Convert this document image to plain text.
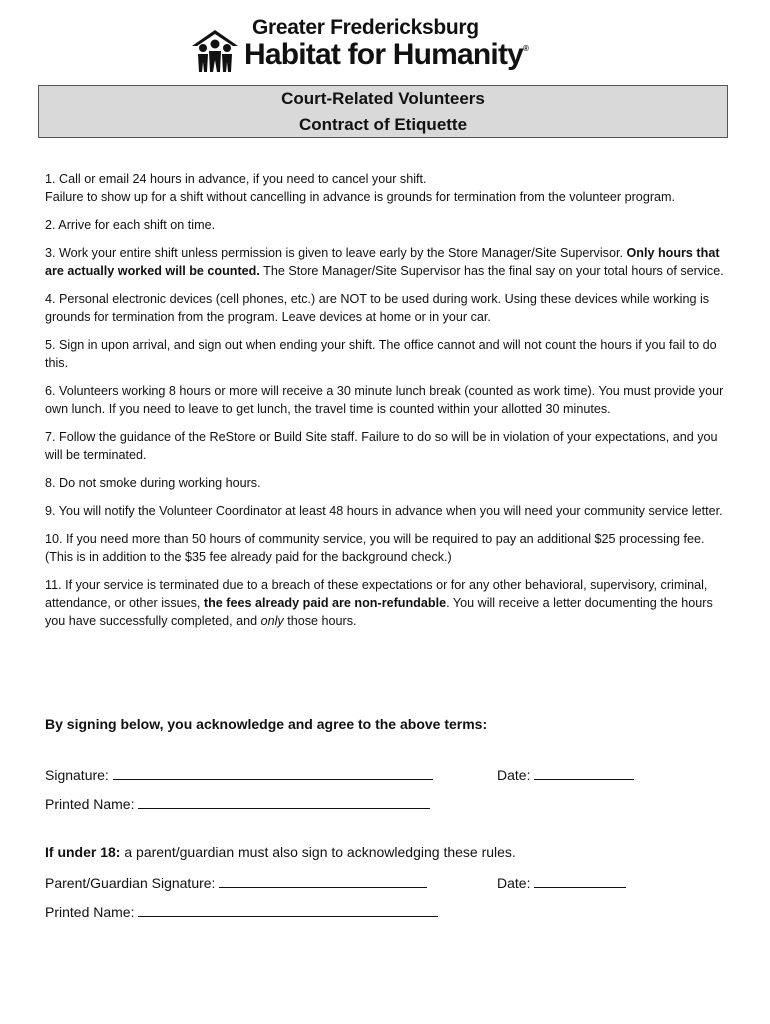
Greater Fredericksburg
Habitat for Humanity®
Court-Related Volunteers
Contract of Etiquette

1. Call or email 24 hours in advance, if you need to cancel your shift.

Failure to show up for a shift without cancelling in advance is grounds for termination from the volunteer program.

2. Arrive for each shift on time.
3. Work your entire shift unless permission is given to leave early by the Store Manager/Site Supervisor. Only hours that are actually worked will be counted. The Store Manager/Site Supervisor has the final say on your total hours of service.
4. Personal electronic devices (cell phones, etc.) are NOT to be used during work. Using these devices while working is grounds for termination from the program. Leave devices at home or in your car.
5. Sign in upon arrival, and sign out when ending your shift. The office cannot and will not count the hours if you fail to do this.
6. Volunteers working 8 hours or more will receive a 30 minute lunch break (counted as work time). You must provide your own lunch. If you need to leave to get lunch, the travel time is counted within your allotted 30 minutes.
7. Follow the guidance of the ReStore or Build Site staff. Failure to do so will be in violation of your expectations, and you will be terminated.
8. Do not smoke during working hours.
9. You will notify the Volunteer Coordinator at least 48 hours in advance when you will need your community service letter.
10. If you need more than 50 hours of community service, you will be required to pay an additional $25 processing fee. (This is in addition to the $35 fee already paid for the background check.)
11. If your service is terminated due to a breach of these expectations or for any other behavioral, supervisory, criminal, attendance, or other issues, the fees already paid are non-refundable. You will receive a letter documenting the hours you have successfully completed, and only those hours.
By signing below, you acknowledge and agree to the above terms:
Signature:	Date:
Printed Name:
If under 18: a parent/guardian must also sign to acknowledging these rules.
Parent/Guardian Signature:	Date:
Printed Name:
